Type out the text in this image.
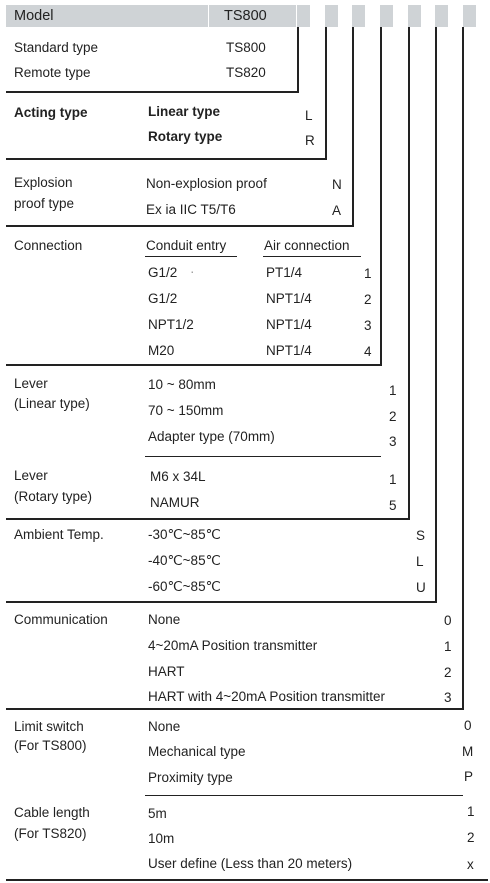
Model	TS800
Standard type	TS800
Remote type	TS820
Acting type	Linear type	L
Rotary type	R
Explosion
proof type
Non-explosion proof	N
Ex ia IIC T5/T6	A
Connection	Conduit entry	Air connection
G1/2 ·	PT1/4	1
G1/2	NPT1/4	2
NPT1/2	NPT1/4	3
M20	NPT1/4	4
Lever
(Linear type)
10 ~ 80mm	1
70 ~ 150mm	2
Adapter type (70mm)	3
Lever
(Rotary type)
M6 x 34L	1
NAMUR	5
Ambient Temp.	-30℃~85℃	S
-40℃~85℃	L
-60℃~85℃	U
Communication	None	0
4~20mA Position transmitter	1
HART	2
HART with 4~20mA Position transmitter	3
Limit switch
(For TS800)
None	0
Mechanical type	M
Proximity type	P
Cable length
(For TS820)
5m	1
10m	2
User define (Less than 20 meters)	x
